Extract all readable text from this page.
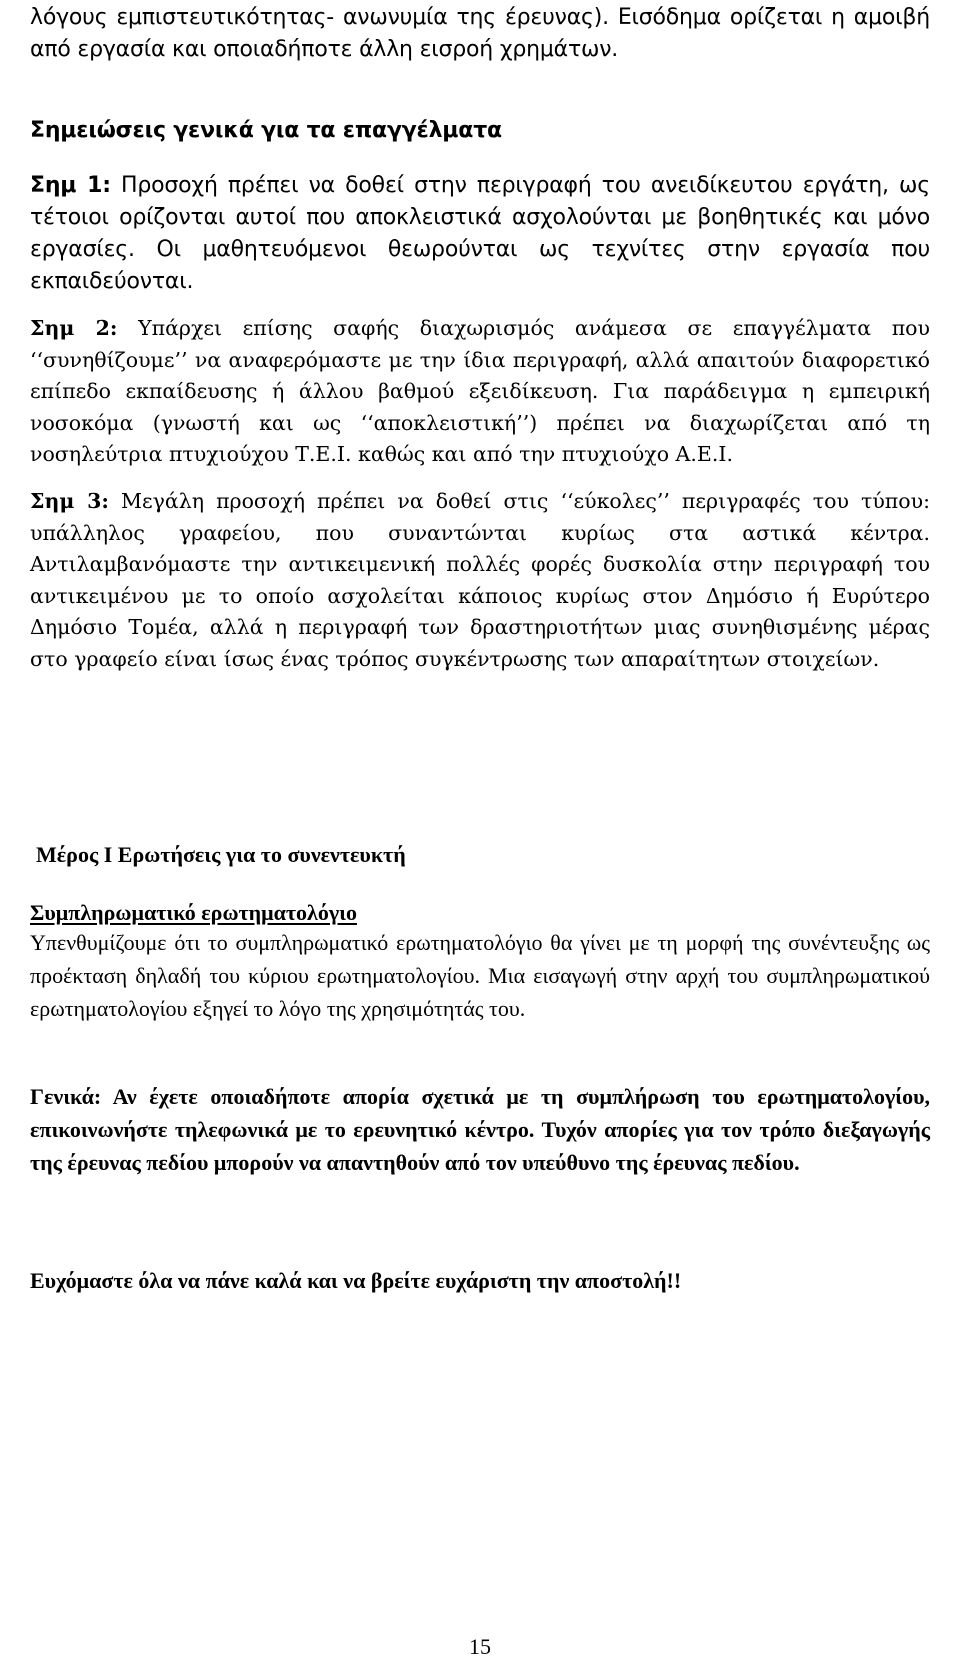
λόγους εμπιστευτικότητας- ανωνυμία της έρευνας). Εισόδημα ορίζεται η αμοιβή από εργασία και οποιαδήποτε άλλη εισροή χρημάτων.

Σημειώσεις γενικά για τα επαγγέλματα

Σημ 1: Προσοχή πρέπει να δοθεί στην περιγραφή του ανειδίκευτου εργάτη, ως τέτοιοι ορίζονται αυτοί που αποκλειστικά ασχολούνται με βοηθητικές και μόνο εργασίες. Οι μαθητευόμενοι θεωρούνται ως τεχνίτες στην εργασία που εκπαιδεύονται.

Σημ 2: Υπάρχει επίσης σαφής διαχωρισμός ανάμεσα σε επαγγέλματα που ‘‘συνηθίζουμε’’ να αναφερόμαστε με την ίδια περιγραφή, αλλά απαιτούν διαφορετικό επίπεδο εκπαίδευσης ή άλλου βαθμού εξειδίκευση. Για παράδειγμα η εμπειρική νοσοκόμα (γνωστή και ως ‘‘αποκλειστική’’) πρέπει να διαχωρίζεται από τη νοσηλεύτρια πτυχιούχου Τ.Ε.Ι. καθώς και από την πτυχιούχο Α.Ε.Ι.

Σημ 3: Μεγάλη προσοχή πρέπει να δοθεί στις ‘‘εύκολες’’ περιγραφές του τύπου: υπάλληλος γραφείου, που συναντώνται κυρίως στα αστικά κέντρα. Αντιλαμβανόμαστε την αντικειμενική πολλές φορές δυσκολία στην περιγραφή του αντικειμένου με το οποίο ασχολείται κάποιος κυρίως στον Δημόσιο ή Ευρύτερο Δημόσιο Τομέα, αλλά η περιγραφή των δραστηριοτήτων μιας συνηθισμένης μέρας στο γραφείο είναι ίσως ένας τρόπος συγκέντρωσης των απαραίτητων στοιχείων.

Μέρος Ι Ερωτήσεις για το συνεντευκτή

Συμπληρωματικό ερωτηματολόγιο

Υπενθυμίζουμε ότι το συμπληρωματικό ερωτηματολόγιο θα γίνει με τη μορφή της συνέντευξης ως προέκταση δηλαδή του κύριου ερωτηματολογίου. Μια εισαγωγή στην αρχή του συμπληρωματικού ερωτηματολογίου εξηγεί το λόγο της χρησιμότητάς του.

Γενικά: Αν έχετε οποιαδήποτε απορία σχετικά με τη συμπλήρωση του ερωτηματολογίου, επικοινωνήστε τηλεφωνικά με το ερευνητικό κέντρο. Τυχόν απορίες για τον τρόπο διεξαγωγής της έρευνας πεδίου μπορούν να απαντηθούν από τον υπεύθυνο της έρευνας πεδίου.

Ευχόμαστε όλα να πάνε καλά και να βρείτε ευχάριστη την αποστολή!!

15
